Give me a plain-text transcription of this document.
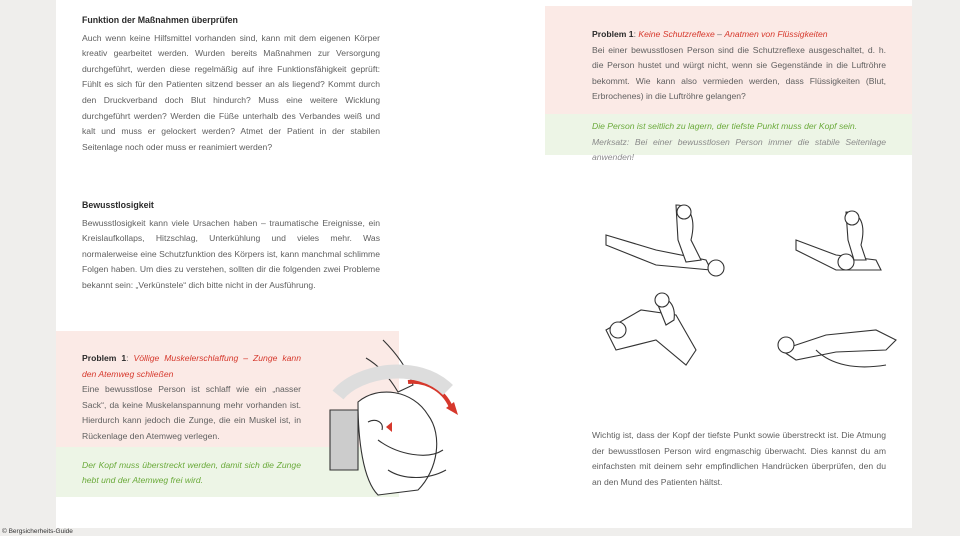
Funktion der Maßnahmen überprüfen

Auch wenn keine Hilfsmittel vorhanden sind, kann mit dem eigenen Körper kreativ gearbeitet werden. Wurden bereits Maßnahmen zur Versorgung durchgeführt, werden diese regelmäßig auf ihre Funktionsfähigkeit geprüft: Fühlt es sich für den Patienten sitzend besser an als liegend? Kommt durch den Druckverband doch Blut hindurch? Muss eine weitere Wicklung durchgeführt werden? Werden die Füße unterhalb des Verbandes weiß und kalt und muss er gelockert werden? Atmet der Patient in der stabilen Seitenlage noch oder muss er reanimiert werden?

Bewusstlosigkeit

Bewusstlosigkeit kann viele Ursachen haben – traumatische Ereignisse, ein Kreislaufkollaps, Hitzschlag, Unterkühlung und vieles mehr. Was normalerweise eine Schutzfunktion des Körpers ist, kann manchmal schlimme Folgen haben. Um dies zu verstehen, sollten dir die folgenden zwei Probleme bekannt sein: „Verkünstele“ dich bitte nicht in der Ausführung.

Problem 1: Völlige Muskelerschlaffung – Zunge kann den Atemweg schließen

Eine bewusstlose Person ist schlaff wie ein „nasser Sack“, da keine Muskelanspannung mehr vorhanden ist. Hierdurch kann jedoch die Zunge, die ein Muskel ist, in Rückenlage den Atemweg verlegen.

Der Kopf muss überstreckt werden, damit sich die Zunge hebt und der Atemweg frei wird.

Problem 1: Keine Schutzreflexe – Anatmen von Flüssigkeiten

Bei einer bewusstlosen Person sind die Schutzreflexe ausgeschaltet, d. h. die Person hustet und würgt nicht, wenn sie Gegenstände in die Luftröhre bekommt. Wie kann also vermieden werden, dass Flüssigkeiten (Blut, Erbrochenes) in die Luftröhre gelangen?

Die Person ist seitlich zu lagern, der tiefste Punkt muss der Kopf sein.

Merksatz: Bei einer bewusstlosen Person immer die stabile Seitenlage anwenden!

Wichtig ist, dass der Kopf der tiefste Punkt sowie überstreckt ist. Die Atmung der bewusstlosen Person wird engmaschig überwacht. Dies kannst du am einfachsten mit deinem sehr empfindlichen Handrücken überprüfen, den du an den Mund des Patienten hältst.

© Bergsicherheits-Guide
